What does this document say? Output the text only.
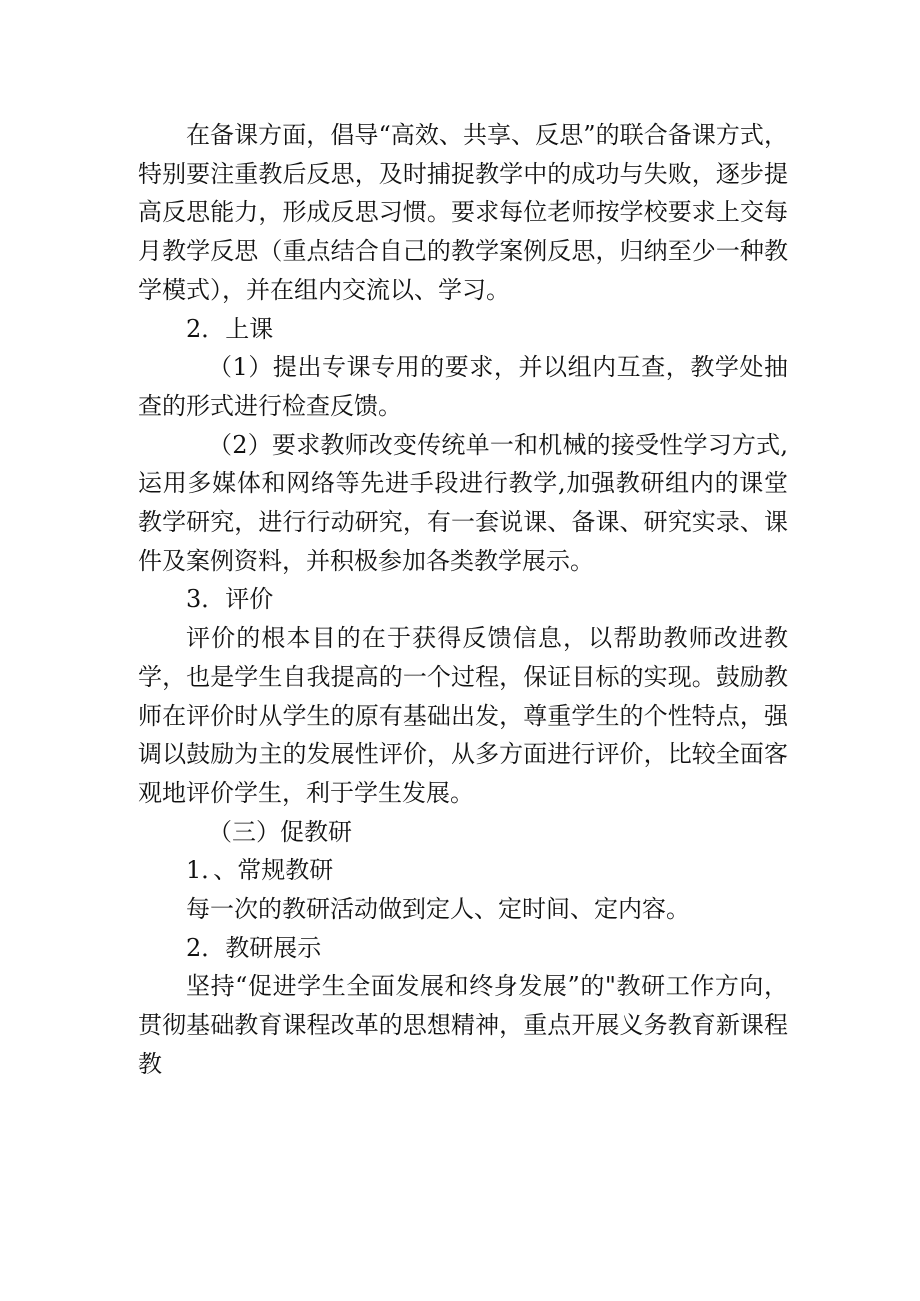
在备课方面，倡导“高效、共享、反思”的联合备课方式，特别要注重教后反思，及时捕捉教学中的成功与失败，逐步提高反思能力，形成反思习惯。要求每位老师按学校要求上交每月教学反思（重点结合自己的教学案例反思，归纳至少一种教学模式），并在组内交流以、学习。

2．上课

（1）提出专课专用的要求，并以组内互查，教学处抽查的形式进行检查反馈。

（2）要求教师改变传统单一和机械的接受性学习方式,运用多媒体和网络等先进手段进行教学,加强教研组内的课堂教学研究，进行行动研究，有一套说课、备课、研究实录、课件及案例资料，并积极参加各类教学展示。

3．评价

评价的根本目的在于获得反馈信息，以帮助教师改进教学，也是学生自我提高的一个过程，保证目标的实现。鼓励教师在评价时从学生的原有基础出发，尊重学生的个性特点，强调以鼓励为主的发展性评价，从多方面进行评价，比较全面客观地评价学生，利于学生发展。

（三）促教研

1．、常规教研

每一次的教研活动做到定人、定时间、定内容。

2．教研展示

坚持“促进学生全面发展和终身发展”的"教研工作方向，贯彻基础教育课程改革的思想精神，重点开展义务教育新课程教
